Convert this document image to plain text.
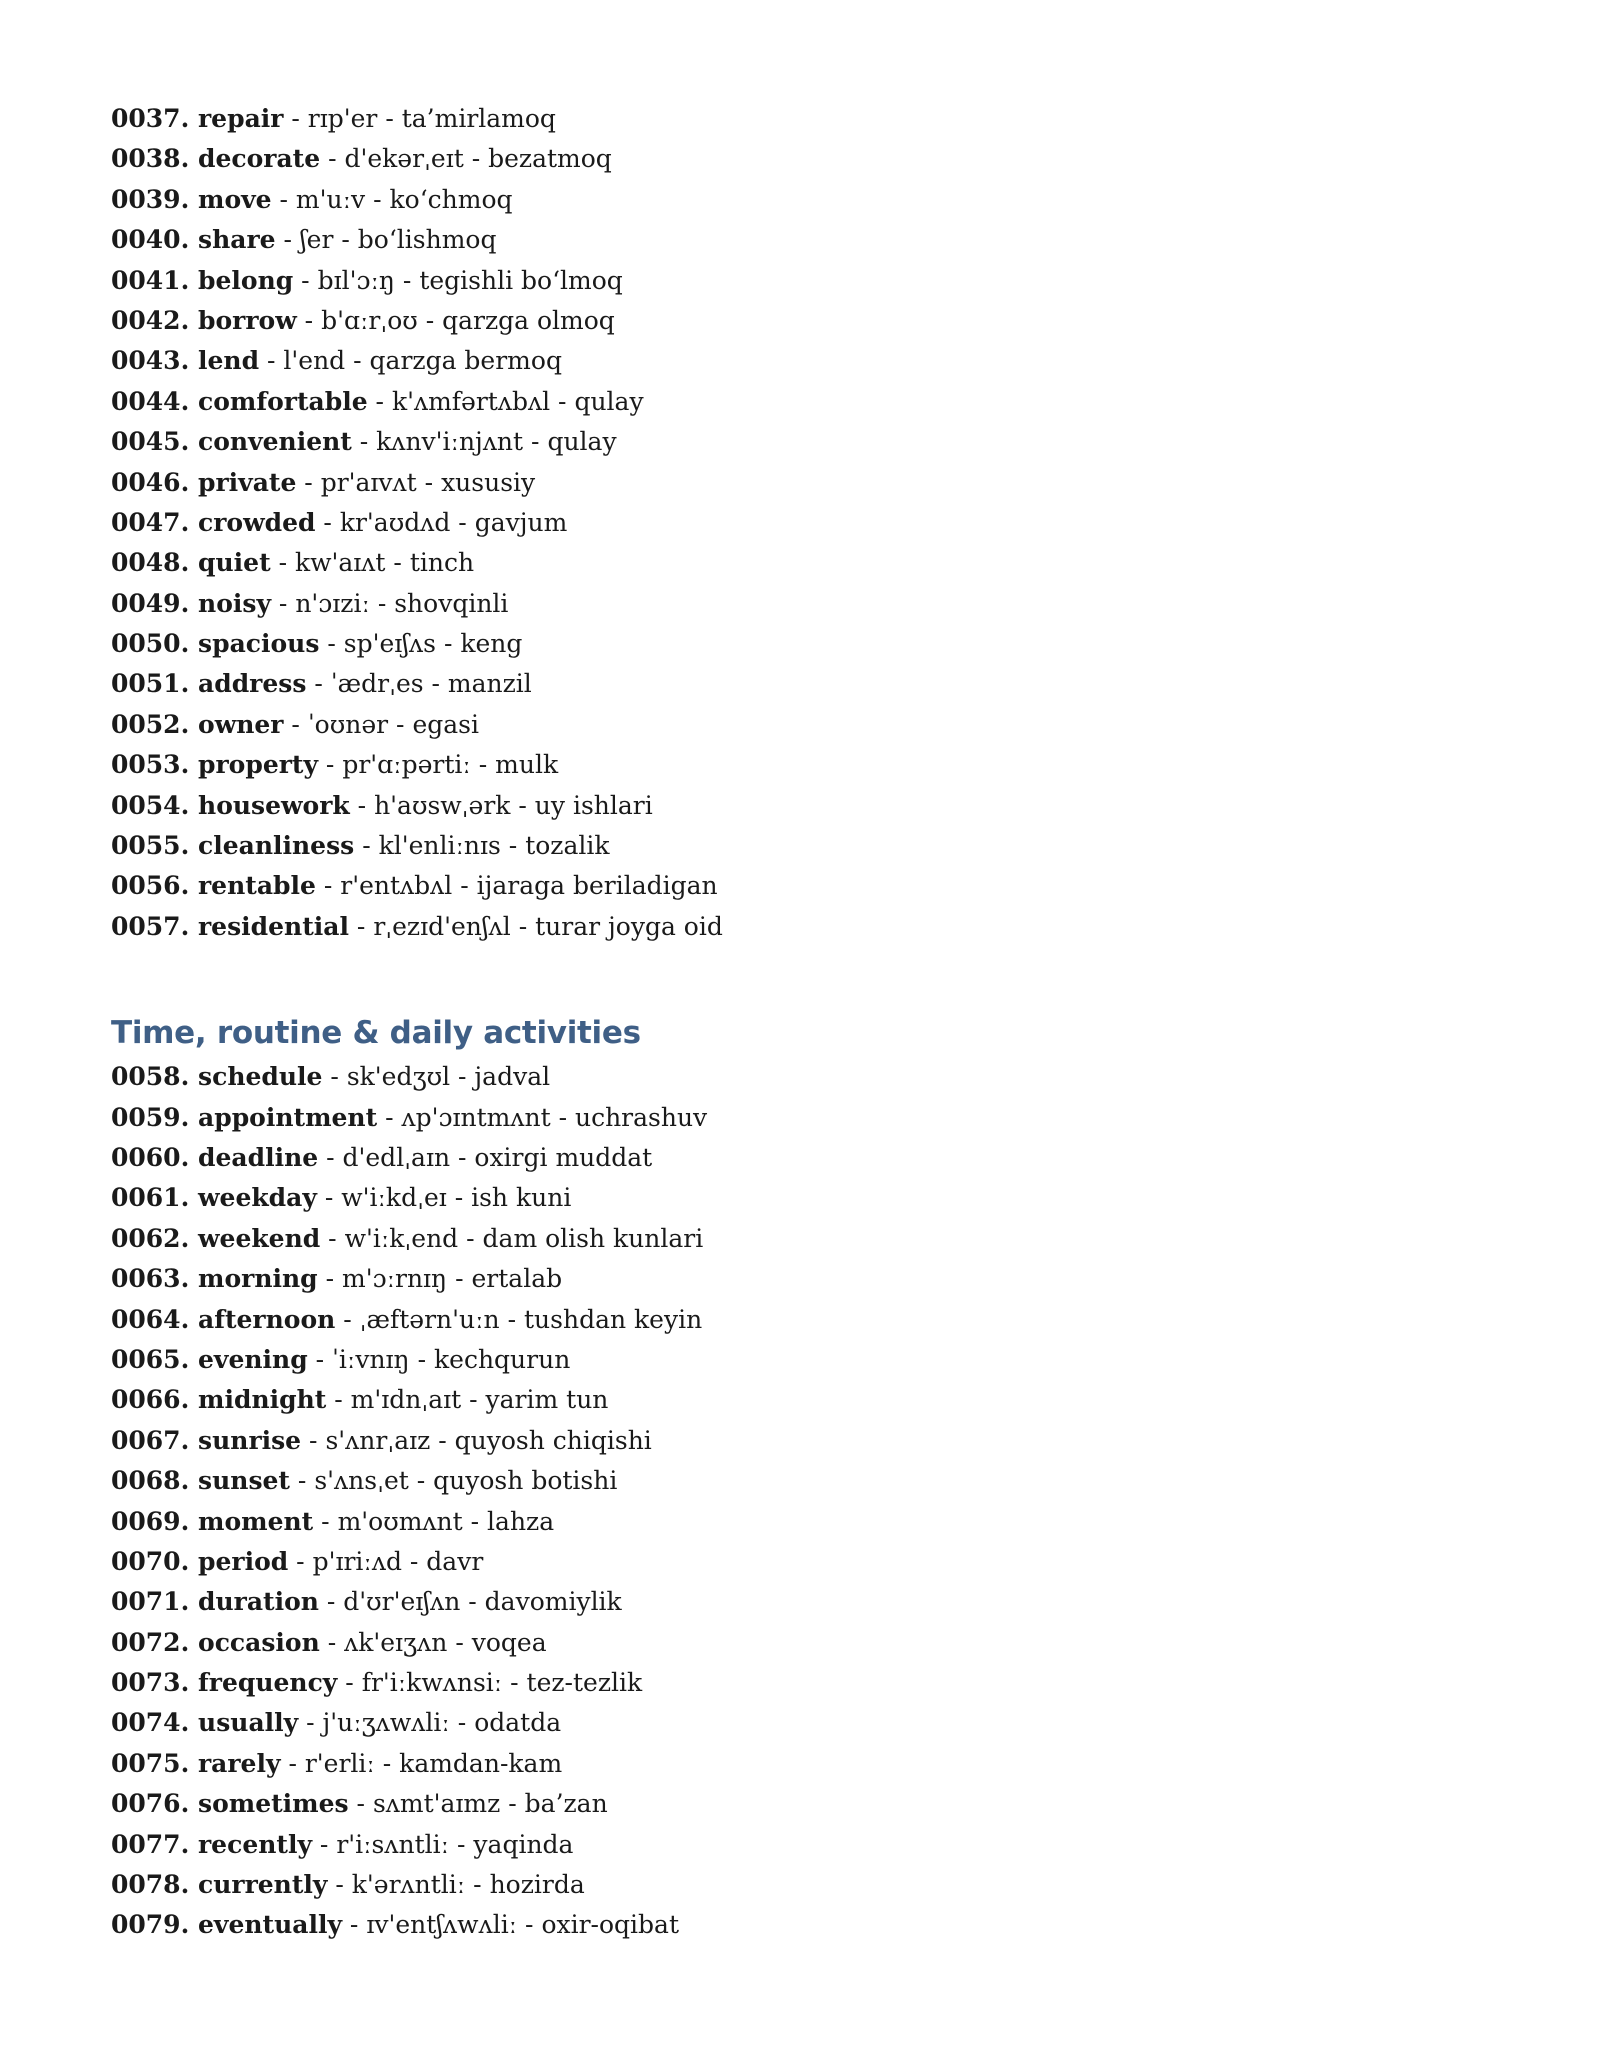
0037. repair - rɪp'er - ta’mirlamoq
0038. decorate - d'ekərˌeɪt - bezatmoq
0039. move - m'uːv - ko‘chmoq
0040. share - ʃer - bo‘lishmoq
0041. belong - bɪl'ɔːŋ - tegishli bo‘lmoq
0042. borrow - b'ɑːrˌoʊ - qarzga olmoq
0043. lend - l'end - qarzga bermoq
0044. comfortable - k'ʌmfərtʌbʌl - qulay
0045. convenient - kʌnv'iːnjʌnt - qulay
0046. private - pr'aɪvʌt - xususiy
0047. crowded - kr'aʊdʌd - gavjum
0048. quiet - kw'aɪʌt - tinch
0049. noisy - n'ɔɪziː - shovqinli
0050. spacious - sp'eɪʃʌs - keng
0051. address - ˈædrˌes - manzil
0052. owner - ˈoʊnər - egasi
0053. property - pr'ɑːpərtiː - mulk
0054. housework - h'aʊswˌərk - uy ishlari
0055. cleanliness - kl'enliːnɪs - tozalik
0056. rentable - r'entʌbʌl - ijaraga beriladigan
0057. residential - rˌezɪd'enʃʌl - turar joyga oid
Time, routine & daily activities
0058. schedule - sk'edʒʊl - jadval
0059. appointment - ʌp'ɔɪntmʌnt - uchrashuv
0060. deadline - d'edlˌaɪn - oxirgi muddat
0061. weekday - w'iːkdˌeɪ - ish kuni
0062. weekend - w'iːkˌend - dam olish kunlari
0063. morning - m'ɔːrnɪŋ - ertalab
0064. afternoon - ˌæftərn'uːn - tushdan keyin
0065. evening - ˈiːvnɪŋ - kechqurun
0066. midnight - m'ɪdnˌaɪt - yarim tun
0067. sunrise - s'ʌnrˌaɪz - quyosh chiqishi
0068. sunset - s'ʌnsˌet - quyosh botishi
0069. moment - m'oʊmʌnt - lahza
0070. period - p'ɪriːʌd - davr
0071. duration - d'ʊr'eɪʃʌn - davomiylik
0072. occasion - ʌk'eɪʒʌn - voqea
0073. frequency - fr'iːkwʌnsiː - tez-tezlik
0074. usually - j'uːʒʌwʌliː - odatda
0075. rarely - r'erliː - kamdan-kam
0076. sometimes - sʌmt'aɪmz - ba’zan
0077. recently - r'iːsʌntliː - yaqinda
0078. currently - k'ərʌntliː - hozirda
0079. eventually - ɪv'entʃʌwʌliː - oxir-oqibat
